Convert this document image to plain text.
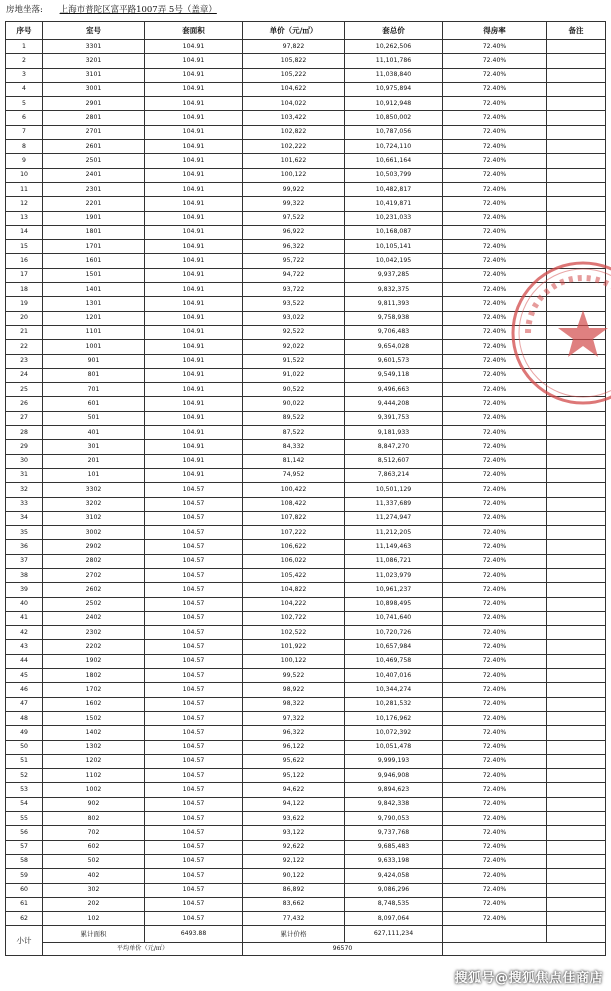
房地坐落: 上海市普陀区富平路1007弄 5号（盖章）
序号	室号	套面积	单价（元/㎡）	套总价	得房率	备注
1	3301	104.91	97,822	10,262,506	72.40%	
2	3201	104.91	105,822	11,101,786	72.40%	
3	3101	104.91	105,222	11,038,840	72.40%	
4	3001	104.91	104,622	10,975,894	72.40%	
5	2901	104.91	104,022	10,912,948	72.40%	
6	2801	104.91	103,422	10,850,002	72.40%	
7	2701	104.91	102,822	10,787,056	72.40%	
8	2601	104.91	102,222	10,724,110	72.40%	
9	2501	104.91	101,622	10,661,164	72.40%	
10	2401	104.91	100,122	10,503,799	72.40%	
11	2301	104.91	99,922	10,482,817	72.40%	
12	2201	104.91	99,322	10,419,871	72.40%	
13	1901	104.91	97,522	10,231,033	72.40%	
14	1801	104.91	96,922	10,168,087	72.40%	
15	1701	104.91	96,322	10,105,141	72.40%	
16	1601	104.91	95,722	10,042,195	72.40%	
17	1501	104.91	94,722	9,937,285	72.40%	
18	1401	104.91	93,722	9,832,375	72.40%	
19	1301	104.91	93,522	9,811,393	72.40%	
20	1201	104.91	93,022	9,758,938	72.40%	
21	1101	104.91	92,522	9,706,483	72.40%	
22	1001	104.91	92,022	9,654,028	72.40%	
23	901	104.91	91,522	9,601,573	72.40%	
24	801	104.91	91,022	9,549,118	72.40%	
25	701	104.91	90,522	9,496,663	72.40%	
26	601	104.91	90,022	9,444,208	72.40%	
27	501	104.91	89,522	9,391,753	72.40%	
28	401	104.91	87,522	9,181,933	72.40%	
29	301	104.91	84,332	8,847,270	72.40%	
30	201	104.91	81,142	8,512,607	72.40%	
31	101	104.91	74,952	7,863,214	72.40%	
32	3302	104.57	100,422	10,501,129	72.40%	
33	3202	104.57	108,422	11,337,689	72.40%	
34	3102	104.57	107,822	11,274,947	72.40%	
35	3002	104.57	107,222	11,212,205	72.40%	
36	2902	104.57	106,622	11,149,463	72.40%	
37	2802	104.57	106,022	11,086,721	72.40%	
38	2702	104.57	105,422	11,023,979	72.40%	
39	2602	104.57	104,822	10,961,237	72.40%	
40	2502	104.57	104,222	10,898,495	72.40%	
41	2402	104.57	102,722	10,741,640	72.40%	
42	2302	104.57	102,522	10,720,726	72.40%	
43	2202	104.57	101,922	10,657,984	72.40%	
44	1902	104.57	100,122	10,469,758	72.40%	
45	1802	104.57	99,522	10,407,016	72.40%	
46	1702	104.57	98,922	10,344,274	72.40%	
47	1602	104.57	98,322	10,281,532	72.40%	
48	1502	104.57	97,322	10,176,962	72.40%	
49	1402	104.57	96,322	10,072,392	72.40%	
50	1302	104.57	96,122	10,051,478	72.40%	
51	1202	104.57	95,622	9,999,193	72.40%	
52	1102	104.57	95,122	9,946,908	72.40%	
53	1002	104.57	94,622	9,894,623	72.40%	
54	902	104.57	94,122	9,842,338	72.40%	
55	802	104.57	93,622	9,790,053	72.40%	
56	702	104.57	93,122	9,737,768	72.40%	
57	602	104.57	92,622	9,685,483	72.40%	
58	502	104.57	92,122	9,633,198	72.40%	
59	402	104.57	90,122	9,424,058	72.40%	
60	302	104.57	86,892	9,086,296	72.40%	
61	202	104.57	83,662	8,748,535	72.40%	
62	102	104.57	77,432	8,097,064	72.40%	
小计	累计面积	6493.88	累计价格	627,111,234		
	平均单价（元/㎡）		96570			
搜狐号@搜狐焦点佳商店
